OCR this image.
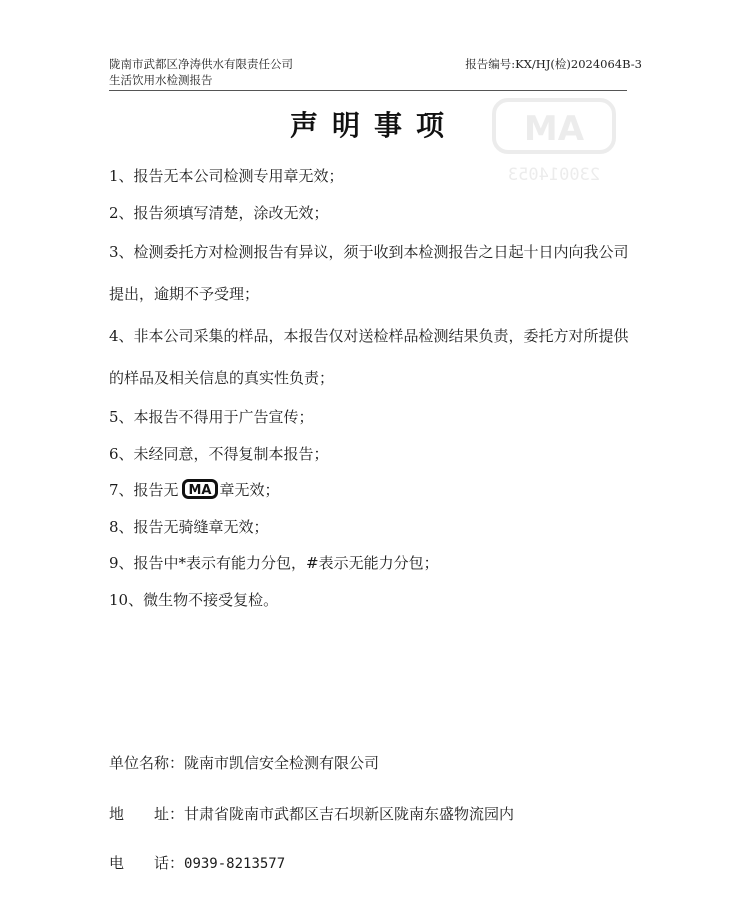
陇南市武都区净涛供水有限责任公司
生活饮用水检测报告
报告编号:KX/HJ(检)2024064B-3
MA
230014053
声明事项
1、报告无本公司检测专用章无效；
2、报告须填写清楚，涂改无效；
3、检测委托方对检测报告有异议，须于收到本检测报告之日起十日内向我公司提出，逾期不予受理；
4、非本公司采集的样品，本报告仅对送检样品检测结果负责，委托方对所提供的样品及相关信息的真实性负责；
5、本报告不得用于广告宣传；
6、未经同意，不得复制本报告；
7、报告无 MA 章无效；
8、报告无骑缝章无效；
9、报告中*表示有能力分包，#表示无能力分包；
10、微生物不接受复检。
单位名称：陇南市凯信安全检测有限公司
地　　址：甘肃省陇南市武都区吉石坝新区陇南东盛物流园内
电　　话：0939-8213577
